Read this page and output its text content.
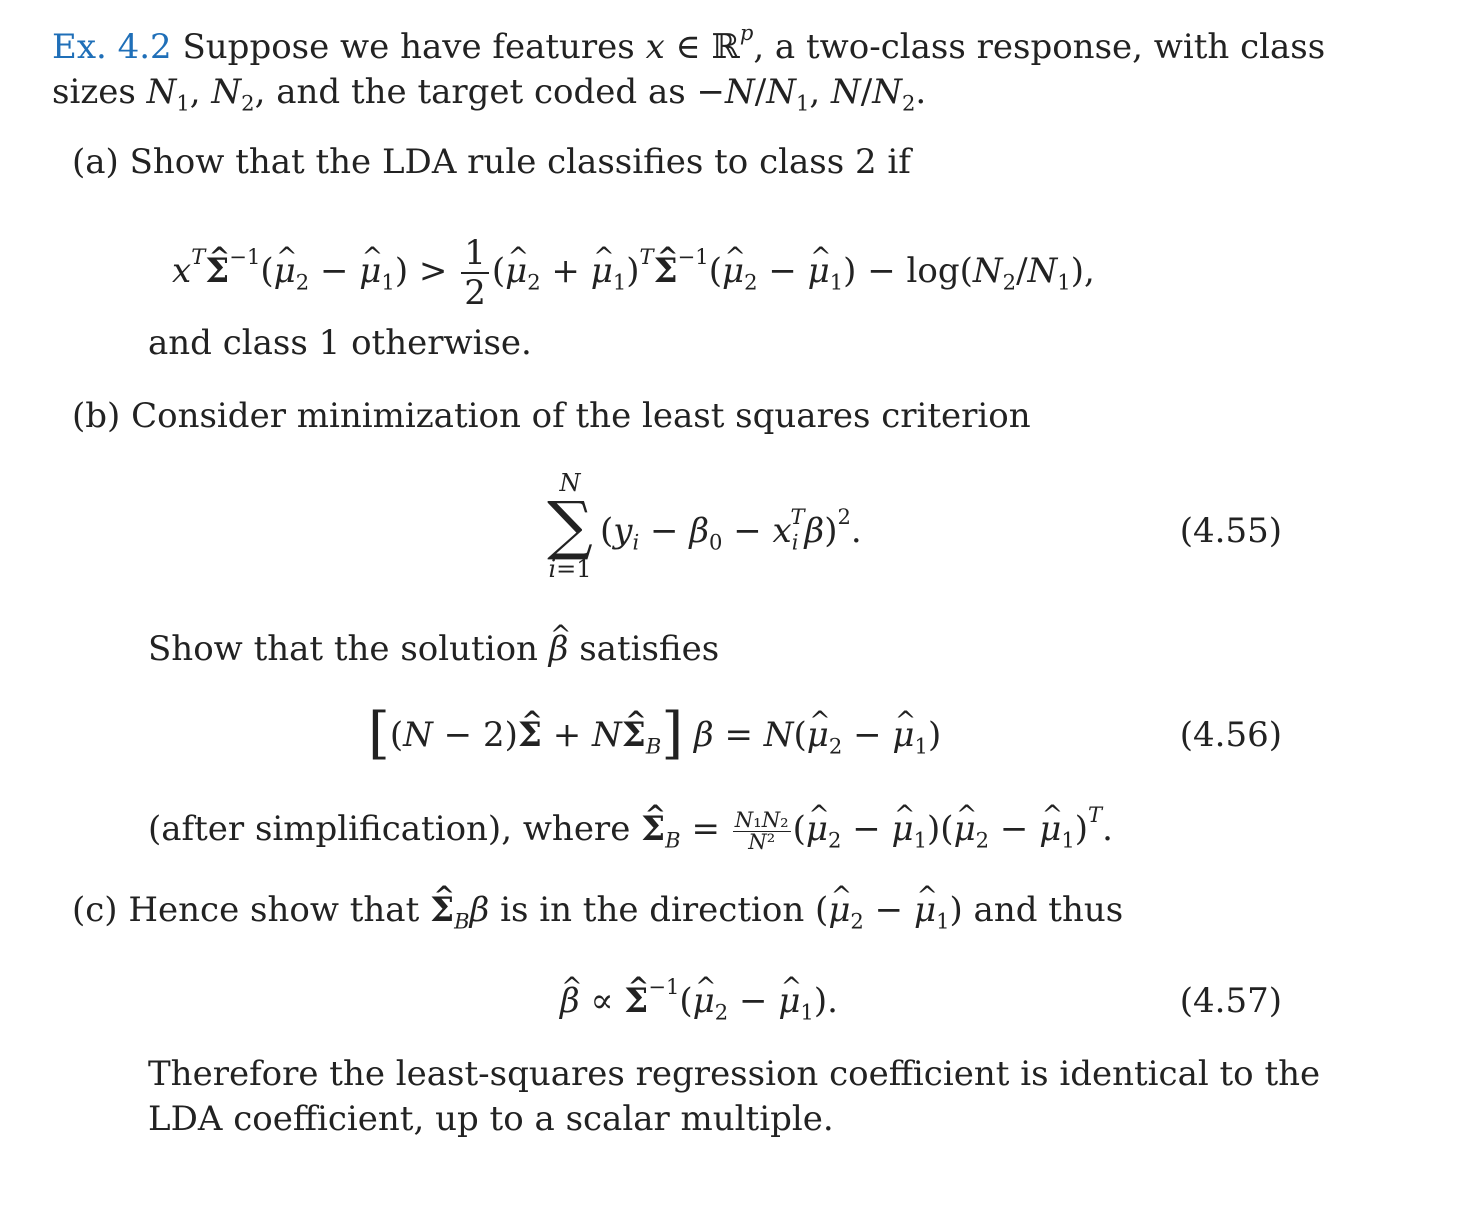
Ex. 4.2 Suppose we have features x ∈ ℝ$^p$, a two-class response, with class
sizes $N_1$, $N_2$, and the target coded as $-N/N_1$, $N/N_2$.
(a) Show that the LDA rule classifies to class 2 if
$x^T\^{}$ $\Sigma^{-1}(\^{}$ $\mu_2$ − ^ $\mu_1) > \frac{1}{2}$ (^ $\mu_2$ + ^ $\mu_1)^T\^{}$ $\Sigma^{-1}(\^{}$ $\mu_2$ − ^ $\mu_1) - \log(N_2/N_1)$,
and class 1 otherwise.
(b) Consider minimization of the least squares criterion
N
∑
i=1
$(y_i - \beta_0 - x_i^T\beta)^2$.	(4.55)
Show that the solution ^ β satisfies
[(N − 2)^ Σ + N^ $\Sigma_B$] β = N(^ $\mu_2$ − ^ $\mu_1$)	(4.56)
(after simplification), where ^ $\Sigma_B = \frac{\text{N₁N₂}}{\text{N²}}$ (^ $\mu_2$ − ^ $\mu_1)(\^{}$ $\mu_2$ − ^ $\mu_1)^T$.
(c) Hence show that ^ $\Sigma_B\beta$ is in the direction (^ $\mu_2$ − ^ $\mu_1$) and thus
^ β ∝ ^ $\Sigma^{-1}(\^{}$ $\mu_2$ − ^ $\mu_1$).	(4.57)
Therefore the least-squares regression coefficient is identical to the
LDA coefficient, up to a scalar multiple.
